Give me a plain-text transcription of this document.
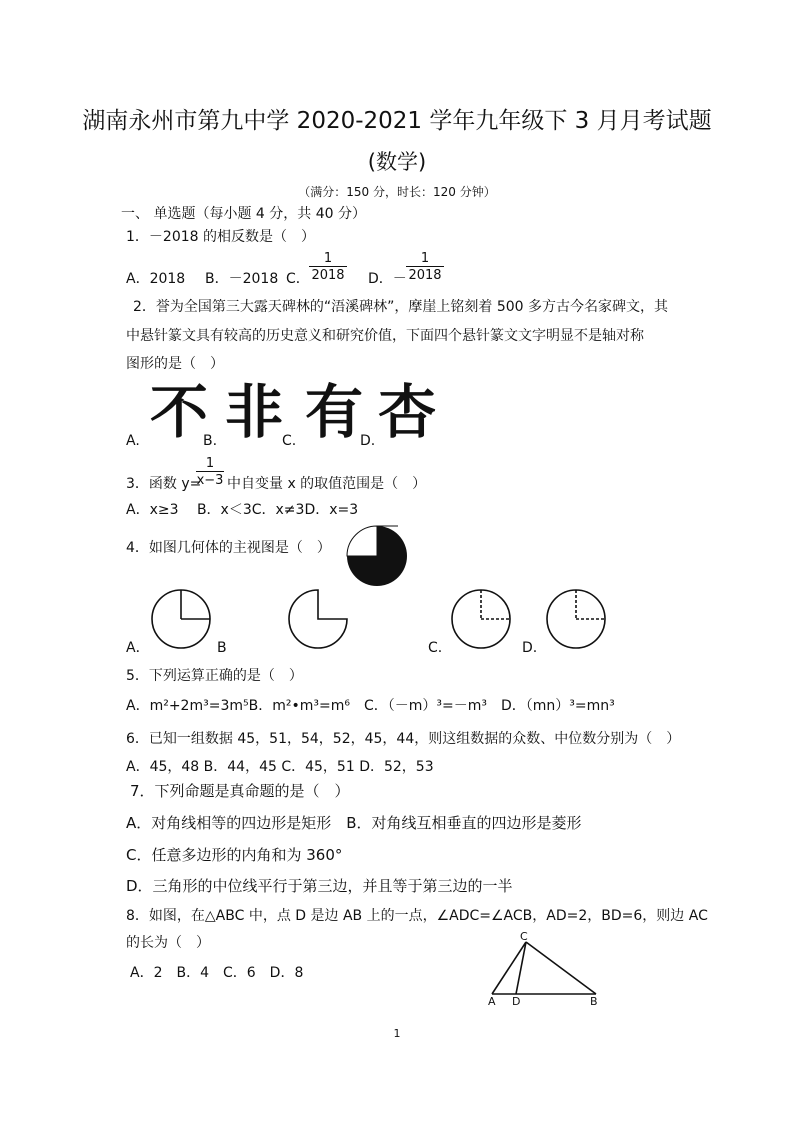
湖南永州市第九中学 2020-2021 学年九年级下 3 月月考试题
(数学)
（满分：150 分，时长：120 分钟）
一、 单选题（每小题 4 分，共 40 分）
1．－2018 的相反数是（　）
A．2018 B．－2018 C． $\frac{1}{2018}$ D．－ $\frac{1}{2018}$
2．誉为全国第三大露天碑林的“浯溪碑林”，摩崖上铭刻着 500 多方古今名家碑文，其
中悬针篆文具有较高的历史意义和研究价值，下面四个悬针篆文文字明显不是轴对称
图形的是（　）
不 非 有 杏
A.	B.	C.	D.
3．函数 y=
$\frac{1}{x-3}$ 中自变量 x 的取值范围是（　）
A．x≥3　 B．x＜3C．x≠3D．x=3
4．如图几何体的主视图是（　）
A．	B	C.	D.
5．下列运算正确的是（　）
A．m²+2m³=3m⁵B．m²•m³=m⁶　C．（－m）³=－m³　D．（mn）³=mn³
6．已知一组数据 45，51，54，52，45，44，则这组数据的众数、中位数分别为（　）
A．45，48 B．44，45 C．45，51 D．52，53
7．下列命题是真命题的是（　）
A．对角线相等的四边形是矩形　B．对角线互相垂直的四边形是菱形
C．任意多边形的内角和为 360°
D．三角形的中位线平行于第三边，并且等于第三边的一半
8．如图，在△ABC 中，点 D 是边 AB 上的一点，∠ADC=∠ACB，AD=2，BD=6，则边 AC
的长为（　）
A．2　B．4　C．6　D．8
C
A D	B
1
